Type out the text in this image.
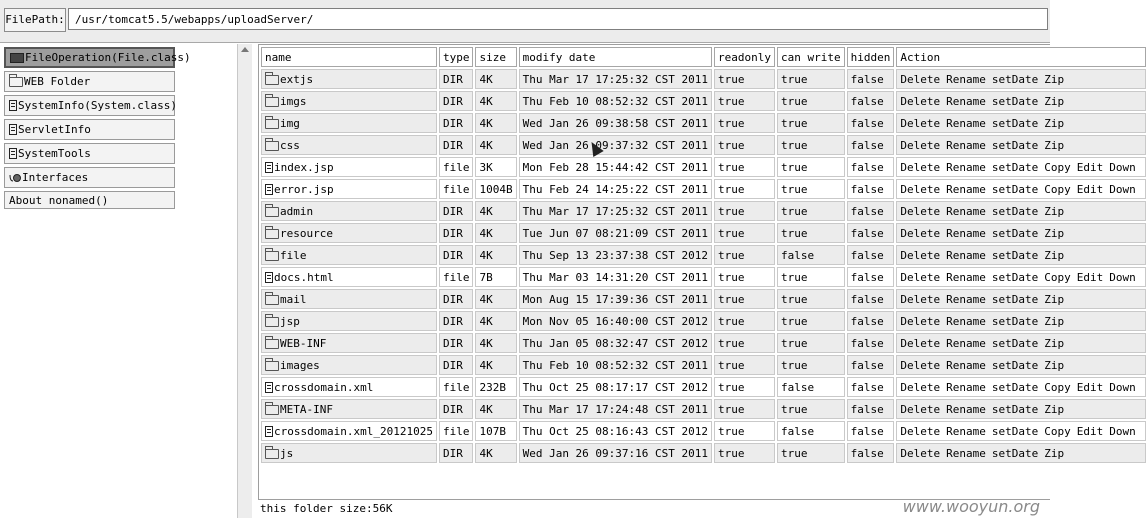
FilePath:
/usr/tomcat5.5/webapps/uploadServer/
FileOperation(File.class)
WEB Folder
SystemInfo(System.class)
ServletInfo
SystemTools
Interfaces
About nonamed()
name	type	size	modify date	readonly	can write	hidden	Action

extjs	DIR	4K	Thu Mar 17 17:25:32 CST 2011	true	true	false	Delete Rename setDate Zip

imgs	DIR	4K	Thu Feb 10 08:52:32 CST 2011	true	true	false	Delete Rename setDate Zip

img	DIR	4K	Wed Jan 26 09:38:58 CST 2011	true	true	false	Delete Rename setDate Zip

css	DIR	4K	Wed Jan 26 09:37:32 CST 2011	true	true	false	Delete Rename setDate Zip

index.jsp	file	3K	Mon Feb 28 15:44:42 CST 2011	true	true	false	Delete Rename setDate Copy Edit Down

error.jsp	file	1004B	Thu Feb 24 14:25:22 CST 2011	true	true	false	Delete Rename setDate Copy Edit Down

admin	DIR	4K	Thu Mar 17 17:25:32 CST 2011	true	true	false	Delete Rename setDate Zip

resource	DIR	4K	Tue Jun 07 08:21:09 CST 2011	true	true	false	Delete Rename setDate Zip

file	DIR	4K	Thu Sep 13 23:37:38 CST 2012	true	false	false	Delete Rename setDate Zip

docs.html	file	7B	Thu Mar 03 14:31:20 CST 2011	true	true	false	Delete Rename setDate Copy Edit Down

mail	DIR	4K	Mon Aug 15 17:39:36 CST 2011	true	true	false	Delete Rename setDate Zip

jsp	DIR	4K	Mon Nov 05 16:40:00 CST 2012	true	true	false	Delete Rename setDate Zip

WEB-INF	DIR	4K	Thu Jan 05 08:32:47 CST 2012	true	true	false	Delete Rename setDate Zip

images	DIR	4K	Thu Feb 10 08:52:32 CST 2011	true	true	false	Delete Rename setDate Zip

crossdomain.xml	file	232B	Thu Oct 25 08:17:17 CST 2012	true	false	false	Delete Rename setDate Copy Edit Down

META-INF	DIR	4K	Thu Mar 17 17:24:48 CST 2011	true	true	false	Delete Rename setDate Zip

crossdomain.xml_20121025	file	107B	Thu Oct 25 08:16:43 CST 2012	true	false	false	Delete Rename setDate Copy Edit Down

js	DIR	4K	Wed Jan 26 09:37:16 CST 2011	true	true	false	Delete Rename setDate Zip
this folder size:56K	www.wooyun.org
